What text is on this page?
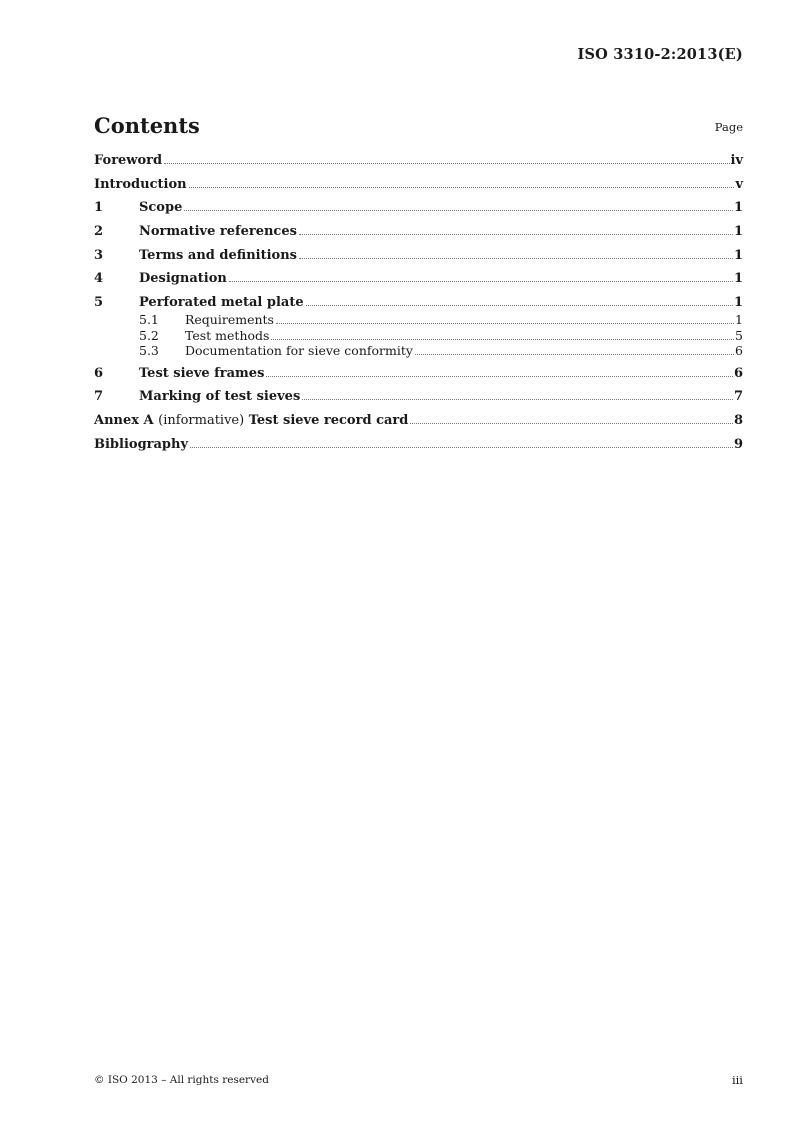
ISO 3310-2:2013(E)
Contents	Page
Foreword	iv
Introduction	v
1	Scope	1
2	Normative references	1
3	Terms and definitions	1
4	Designation	1
5	Perforated metal plate	1
5.1	Requirements	1
5.2	Test methods	5
5.3	Documentation for sieve conformity	6
6	Test sieve frames	6
7	Marking of test sieves	7
Annex A (informative) Test sieve record card	8
Bibliography	9
© ISO 2013 – All rights reserved	iii
